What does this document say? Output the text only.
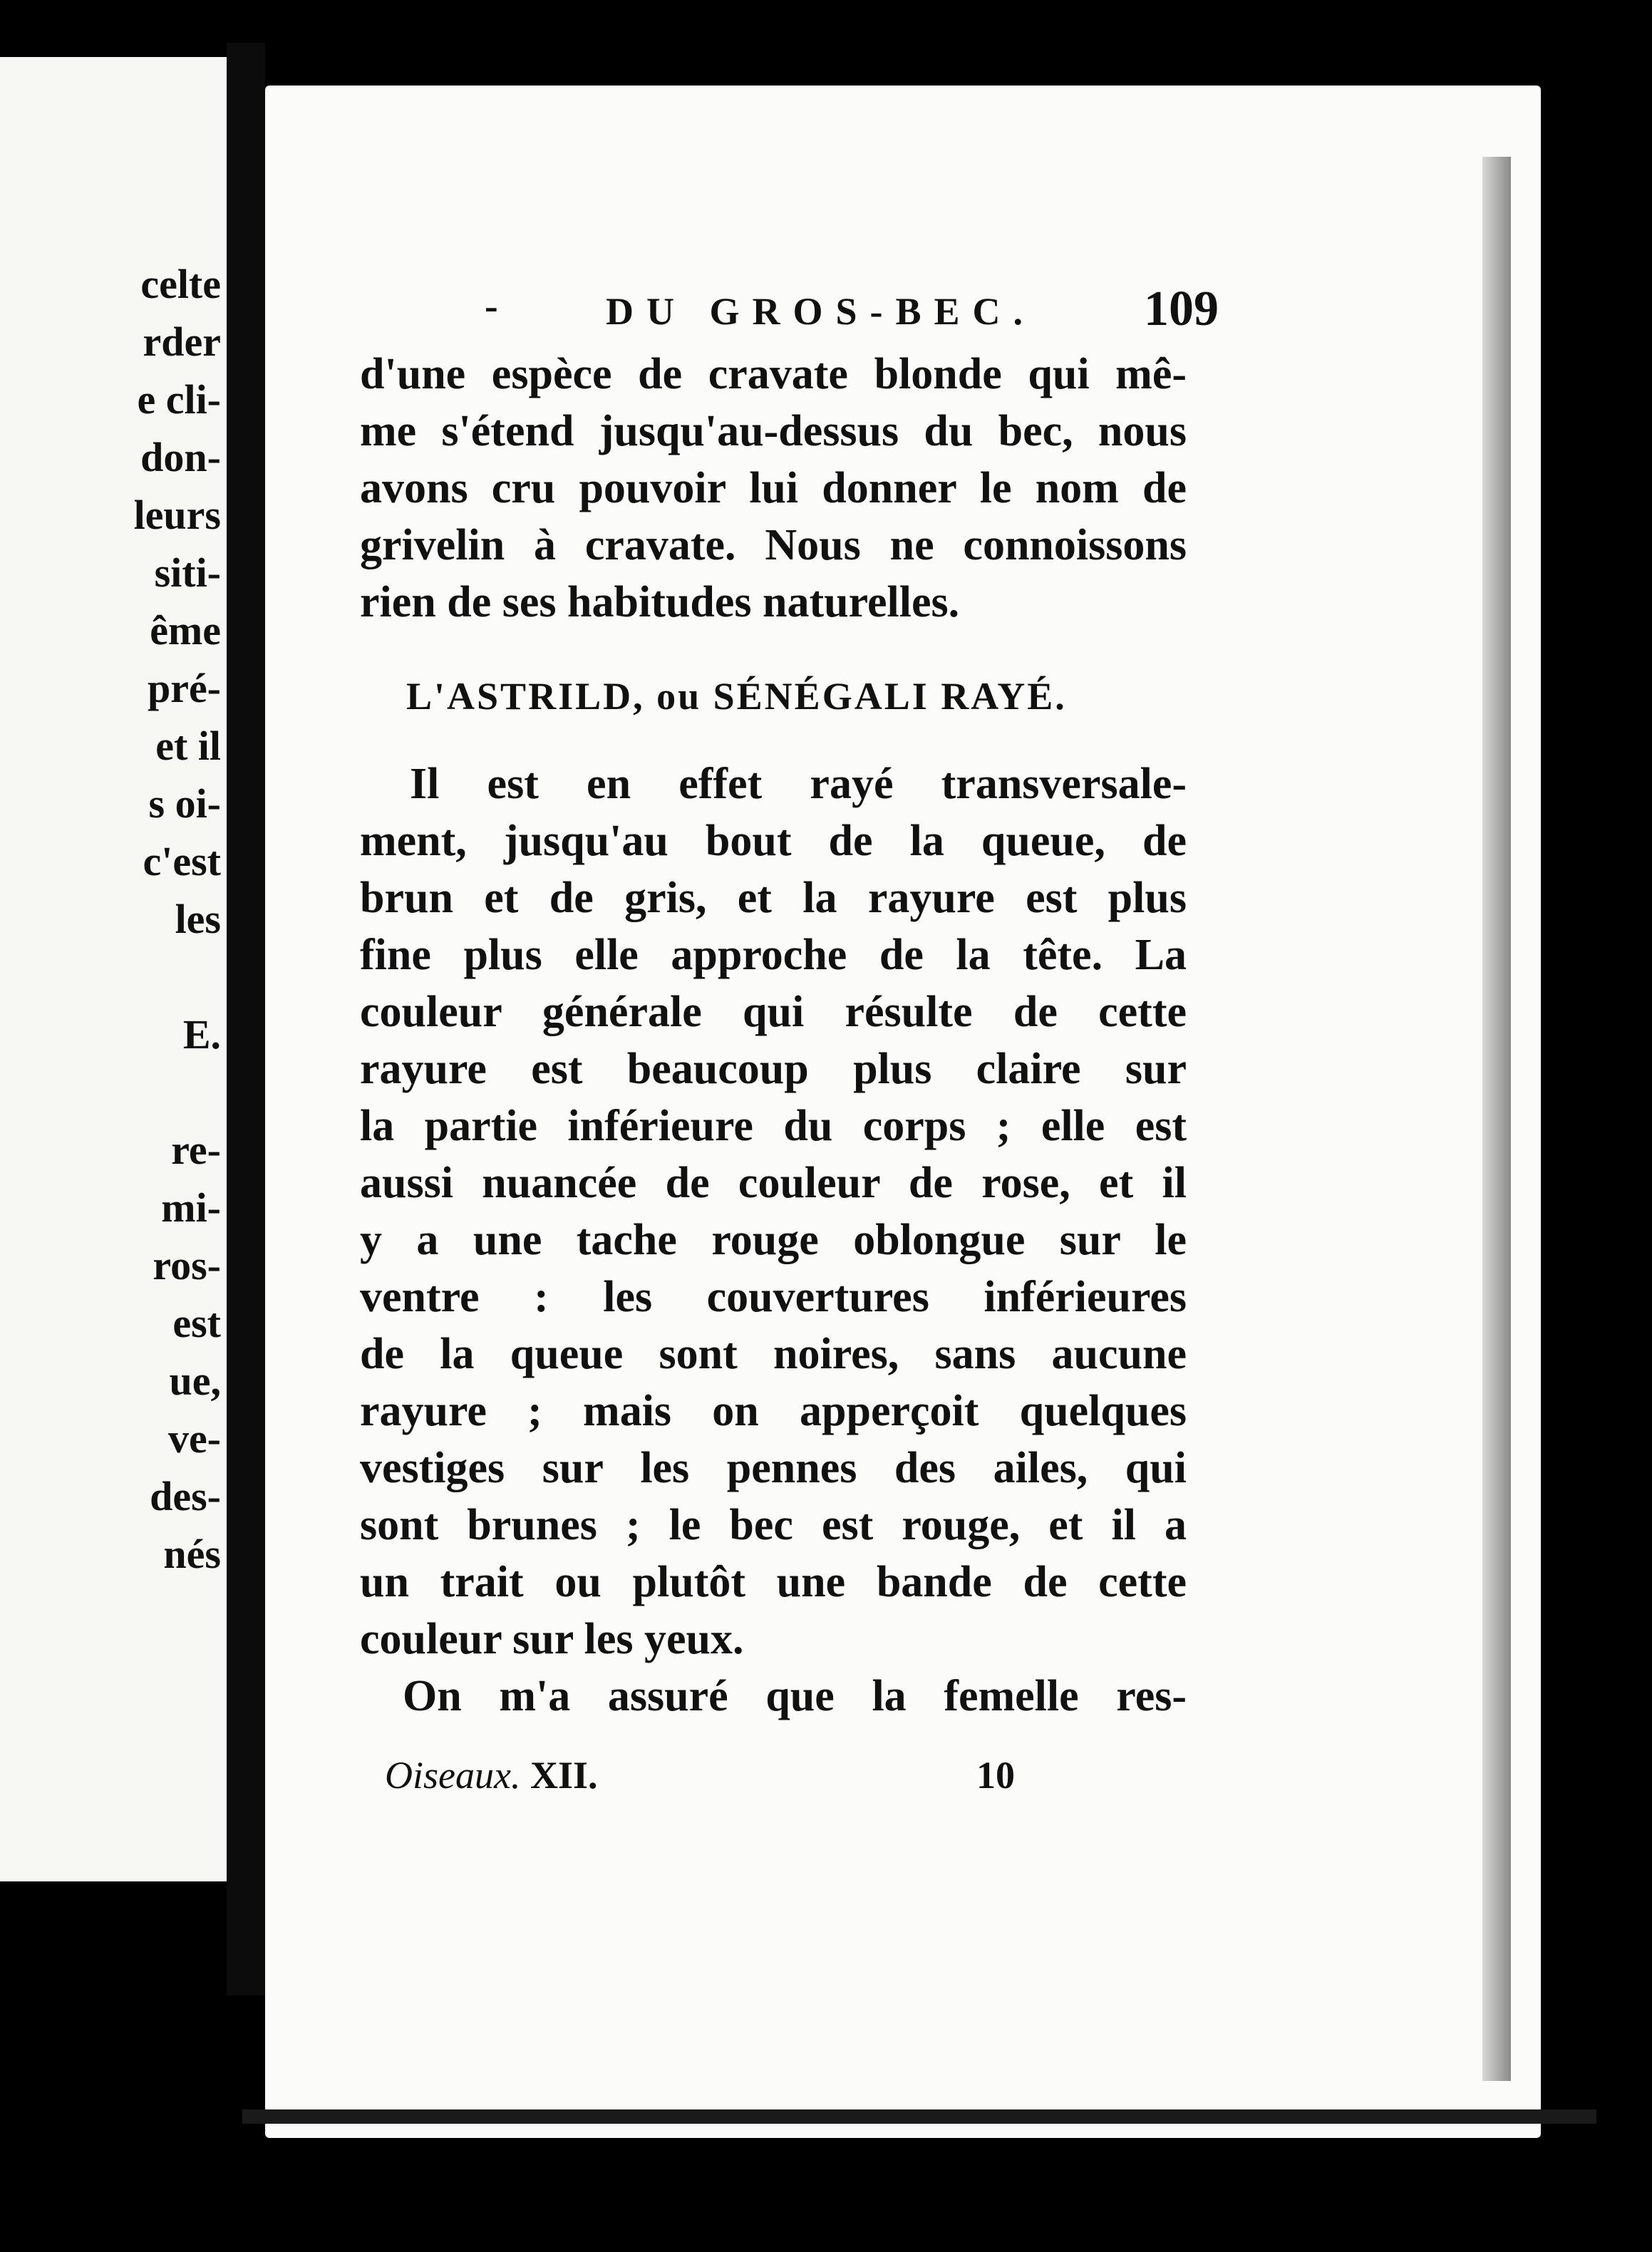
celte
rder
e cli-
don-
leurs
siti-
ême
pré-
et il
s oi-
c'est
les
E.
re-
mi-
ros-
est
ue,
ve-
des-
nés
-	DU GROS-BEC. 109
d'une espèce de cravate blonde qui mê-
me s'étend jusqu'au-dessus du bec, nous
avons cru pouvoir lui donner le nom de
grivelin à cravate. Nous ne connoissons
rien de ses habitudes naturelles.
L'ASTRILD, ou SÉNÉGALI RAYÉ.
Il est en effet rayé transversale-
ment, jusqu'au bout de la queue, de
brun et de gris, et la rayure est plus
fine plus elle approche de la tête. La
couleur générale qui résulte de cette
rayure est beaucoup plus claire sur
la partie inférieure du corps ; elle est
aussi nuancée de couleur de rose, et il
y a une tache rouge oblongue sur le
ventre : les couvertures inférieures
de la queue sont noires, sans aucune
rayure ; mais on apperçoit quelques
vestiges sur les pennes des ailes, qui
sont brunes ; le bec est rouge, et il a
un trait ou plutôt une bande de cette
couleur sur les yeux.
On m'a assuré que la femelle res-
Oiseaux. XII.	10
